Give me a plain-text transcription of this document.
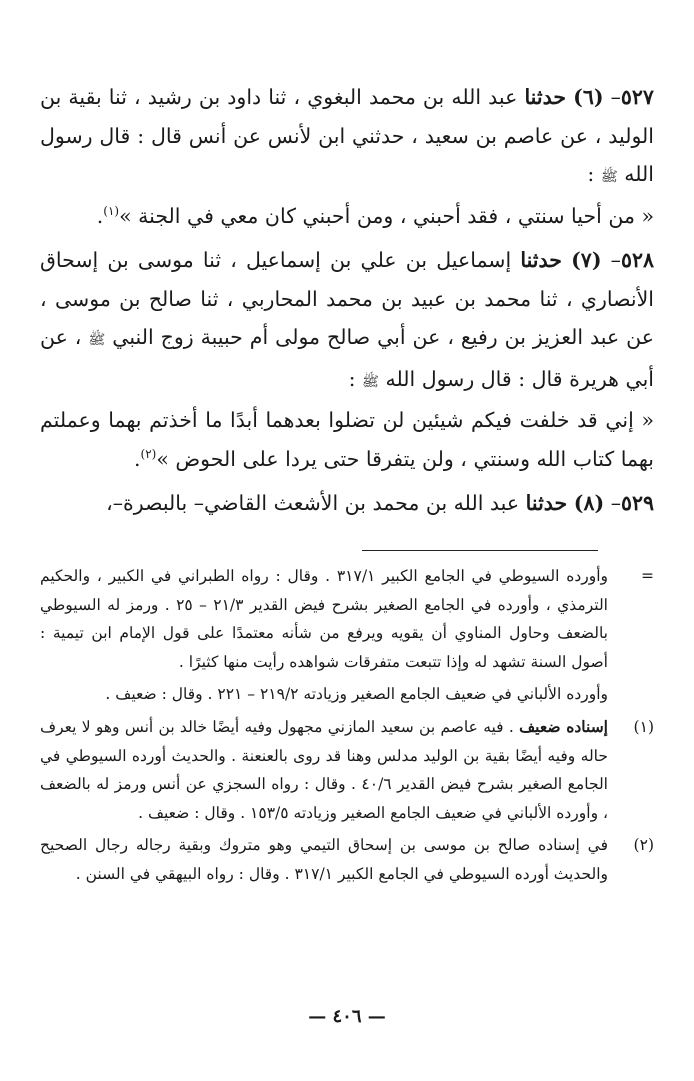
٥٢٧– (٦) حدثنا عبد الله بن محمد البغوي ، ثنا داود بن رشيد ، ثنا بقية بن الوليد ، عن عاصم بن سعيد ، حدثني ابن لأنس عن أنس قال : قال رسول الله ﷺ :

« من أحيا سنتي ، فقد أحبني ، ومن أحبني كان معي في الجنة »$^{(١)}$.

٥٢٨– (٧) حدثنا إسماعيل بن علي بن إسماعيل ، ثنا موسى بن إسحاق الأنصاري ، ثنا محمد بن عبيد بن محمد المحاربي ، ثنا صالح بن موسى ، عن عبد العزيز بن رفيع ، عن أبي صالح مولى أم حبيبة زوج النبي ﷺ ، عن أبي هريرة قال : قال رسول الله ﷺ :

« إني قد خلفت فيكم شيئين لن تضلوا بعدهما أبدًا ما أخذتم بهما وعملتم بهما كتاب الله وسنتي ، ولن يتفرقا حتى يردا على الحوض »$^{(٢)}$.

٥٢٩– (٨) حدثنا عبد الله بن محمد بن الأشعث القاضي– بالبصرة–،

=

وأورده السيوطي في الجامع الكبير ٣١٧/١ . وقال : رواه الطبراني في الكبير ، والحكيم الترمذي ، وأورده في الجامع الصغير بشرح فيض القدير ٢١/٣ – ٢٥ . ورمز له السيوطي بالضعف وحاول المناوي أن يقويه ويرفع من شأنه معتمدًا على قول الإمام ابن تيمية : أصول السنة تشهد له وإذا تتبعت متفرقات شواهده رأيت منها كثيرًا .

وأورده الألباني في ضعيف الجامع الصغير وزيادته ٢١٩/٢ – ٢٢١ . وقال : ضعيف .

(١)

إسناده ضعيف . فيه عاصم بن سعيد المازني مجهول وفيه أيضًا خالد بن أنس وهو لا يعرف حاله وفيه أيضًا بقية بن الوليد مدلس وهنا قد روى بالعنعنة . والحديث أورده السيوطي في الجامع الصغير بشرح فيض القدير ٤٠/٦ . وقال : رواه السجزي عن أنس ورمز له بالضعف ، وأورده الألباني في ضعيف الجامع الصغير وزيادته ١٥٣/٥ . وقال : ضعيف .

(٢)

في إسناده صالح بن موسى بن إسحاق التيمي وهو متروك وبقية رجاله رجال الصحيح والحديث أورده السيوطي في الجامع الكبير ٣١٧/١ . وقال : رواه البيهقي في السنن .

— ٤٠٦ —
